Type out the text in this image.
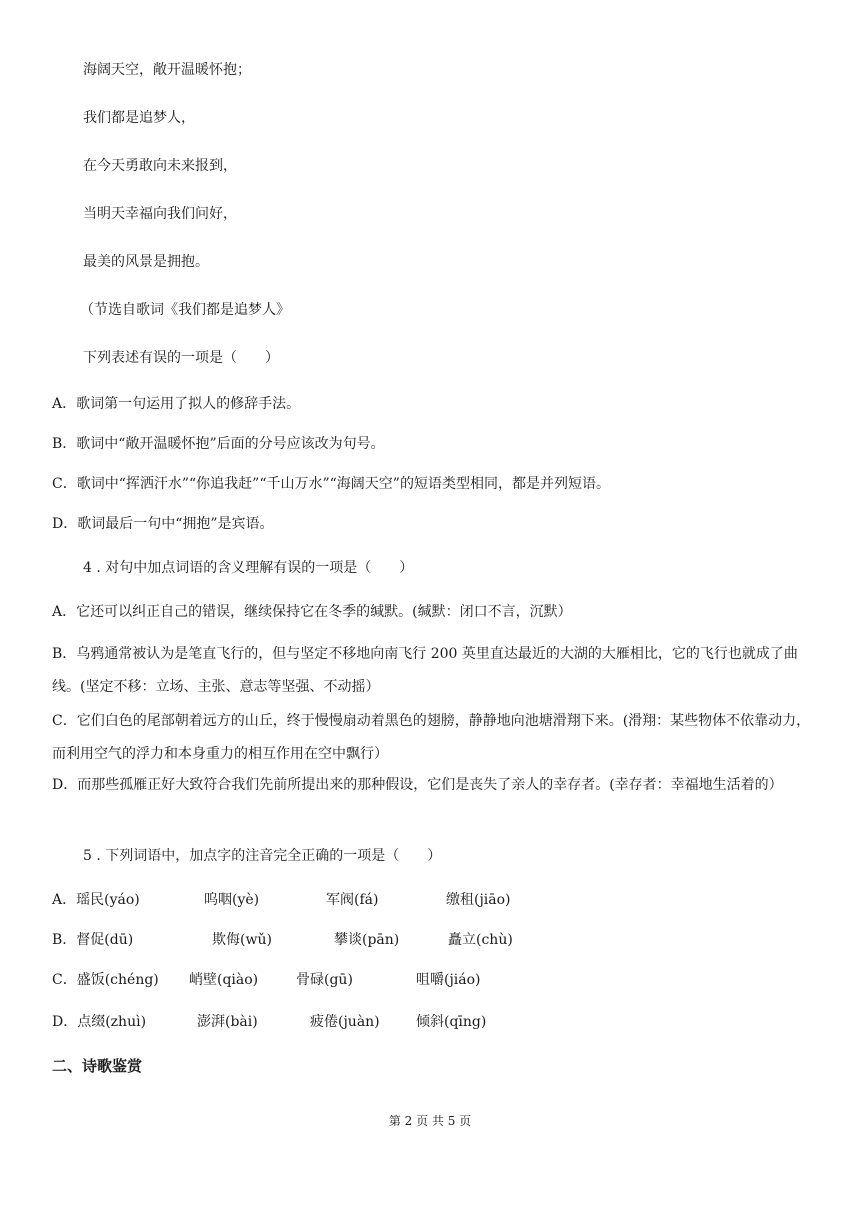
海阔天空，敞开温暖怀抱；
我们都是追梦人，
在今天勇敢向未来报到，
当明天幸福向我们问好，
最美的风景是拥抱。
（节选自歌词《我们都是追梦人》
下列表述有误的一项是（　　）
A．歌词第一句运用了拟人的修辞手法。
B．歌词中“敞开温暖怀抱”后面的分号应该改为句号。
C．歌词中“挥洒汗水”“你追我赶”“千山万水”“海阔天空”的短语类型相同，都是并列短语。
D．歌词最后一句中“拥抱”是宾语。
4 . 对句中加点词语的含义理解有误的一项是（　　）
A．它还可以纠正自己的错误，继续保持它在冬季的缄默。(缄默：闭口不言，沉默）
B．乌鸦通常被认为是笔直飞行的，但与坚定不移地向南飞行 200 英里直达最近的大湖的大雁相比，它的飞行也就成了曲线。(坚定不移：立场、主张、意志等坚强、不动摇）
C．它们白色的尾部朝着远方的山丘，终于慢慢扇动着黑色的翅膀，静静地向池塘滑翔下来。(滑翔：某些物体不依靠动力，而利用空气的浮力和本身重力的相互作用在空中飘行）
D．而那些孤雁正好大致符合我们先前所提出来的那种假设，它们是丧失了亲人的幸存者。(幸存者：幸福地生活着的）
5 . 下列词语中，加点字的注音完全正确的一项是（　　）
A．瑶民(yáo)	呜咽(yè)	军阀(fá)	缴租(jiāo)
B．督促(dū)	欺侮(wǔ)	攀谈(pān)	矗立(chù)
C．盛饭(chéng) 峭壁(qiào)	骨碌(gū)	咀嚼(jiáo)
D．点缀(zhuì)	澎湃(bài)	疲倦(juàn)	倾斜(qīng)
二、诗歌鉴赏
第 2 页 共 5 页
